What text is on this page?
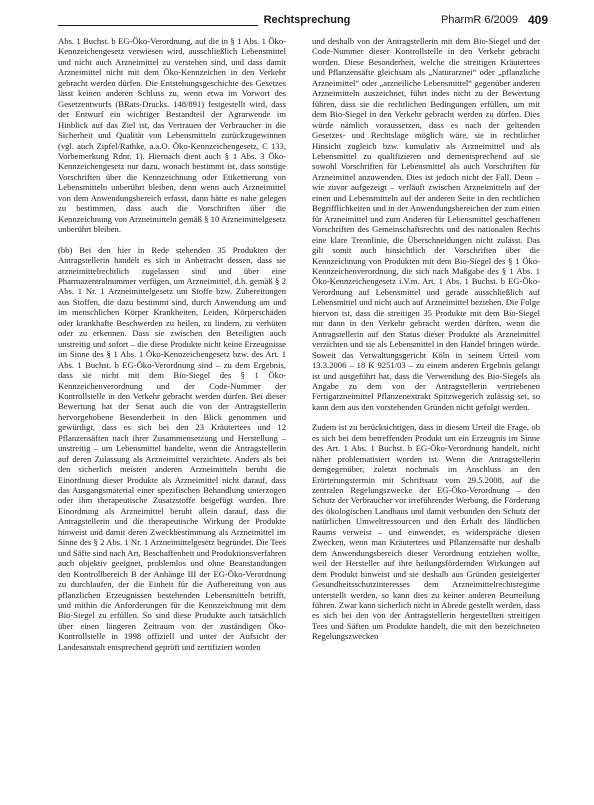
Rechtsprechung	PharmR 6/2009 409

Abs. 1 Buchst. b EG-Öko-Verordnung, auf die in § 1 Abs. 1 Öko-Kennzeichengesetz verwiesen wird, ausschließlich Lebensmittel und nicht auch Arzneimittel zu verstehen sind, und dass damit Arzneimittel nicht mit dem Öko-Kennzeichen in den Verkehr gebracht werden dürfen. Die Entstehungsgeschichte des Gesetzes lässt keinen anderen Schluss zu, wenn etwa im Vorwort des Gesetzentwurfs (BRats-Drucks. 148/891) festgestellt wird, dass der Entwurf ein wichtiger Bestandteil der Agrarwende im Hinblick auf das Ziel ist, das Vertrauen der Verbraucher in die Sicherheit und Qualität von Lebensmitteln zurückzugewinnen (vgl. auch Zipfel/Rathke, a.a.O. Öko-Kennzeichengesetz, C 133, Vorbemerkung Rdnr. 1). Hiernach dient auch § 1 Abs. 3 Öko-Kennzeichengesetz nur dazu, wonach bestimmt ist, dass sonstige Vorschriften über die Kennzeichnung oder Etikettierung von Lebensmitteln unberührt bleiben, denn wenn auch Arzneimittel von dem Anwendungsbereich erfasst, dann hätte es nahe gelegen zu bestimmen, dass auch die Vorschriften über die Kennzeichnung von Arzneimitteln gemäß § 10 Arzneimittelgesetz unberührt bleiben.

(bb) Bei den hier in Rede stehenden 35 Produkten der Antragstellerin handelt es sich in Anbetracht dessen, dass sie arzneimittelrechtlich zugelassen sind und über eine Pharmazentralnummer verfügen, um Arzneimittel, d.h. gemäß § 2 Abs. 1 Nr. 1 Arzneimittelgesetz um Stoffe bzw. Zubereitungen aus Stoffen, die dazu bestimmt sind, durch Anwendung am und im menschlichen Körper Krankheiten, Leiden, Körperschäden oder krankhafte Beschwerden zu heilen, zu lindern, zu verhüten oder zu erkennen. Dass sie zwischen den Beteiligten auch unstreitig und sofort – die diese Produkte nicht keine Erzeugnisse im Sinne des § 1 Abs. 1 Öko-Kennzeichengesetz bzw. des Art. 1 Abs. 1 Buchst. b EG-Öko-Verordnung sind – zu dem Ergebnis, dass sie nicht mit dem Bio-Siegel des § 1 Öko-Kennzeichenverordnung und der Code-Nummer der Kontrollstelle in den Verkehr gebracht werden dürfen. Bei dieser Bewertung hat der Senat auch die von der Antragstellerin hervorgehobene Besonderheit in den Blick genommen und gewürdigt, dass es sich bei den 23 Kräutertees und 12 Pflanzensäften nach ihrer Zusammensetzung und Herstellung – unstreitig – um Lebensmittel handelte, wenn die Antragstellerin auf deren Zulassung als Arzneimittel verzichtete. Anders als bei den sicherlich meisten anderen Arzneimitteln beruht die Einordnung dieser Produkte als Arzneimittel nicht darauf, dass das Ausgangsmaterial einer spezifischen Behandlung unterzogen oder ihm therapeutische Zusatzstoffe beigefügt wurden. Ihre Einordnung als Arzneimittel beruht allein darauf, dass die Antragstellerin und die therapeutische Wirkung der Produkte hinweist und damit deren Zweckbestimmung als Arzneimittel im Sinne des § 2 Abs. 1 Nr. 1 Arzneimittelgesetz begründet. Die Tees und Säfte sind nach Art, Beschaffenheit und Produktionsverfahren auch objektiv geeignet, problemlos und ohne Beanstandungen den Kontrollbereich B der Anhänge III der EG-Öko-Verordnung zu durchlaufen, der die Einheit für die Aufbereitung von aus pflanzlichen Erzeugnissen bestehenden Lebensmitteln betrifft, und mithin die Anforderungen für die Kennzeichnung mit dem Bio-Siegel zu erfüllen. So sind diese Produkte auch tatsächlich über einen längeren Zeitraum von der zuständigen Öko-Kontrollstelle in 1998 offiziell und unter der Aufsicht der Landesanstalt entsprechend geprüft und zertifiziert worden

und deshalb von der Antragstellerin mit dem Bio-Siegel und der Code-Nummer dieser Kontrollstelle in den Verkehr gebracht worden. Diese Besonderheit, welche die streitigen Kräutertees und Pflanzensäfte gleichsam als „Naturarznei“ oder „pflanzliche Arzneimittel“ oder „arzneiliche Lebensmittel“ gegenüber anderen Arzneimitteln auszeichnet, führt indes nicht zu der Bewertung führen, dass sie die rechtlichen Bedingungen erfüllen, um mit dem Bio-Siegel in den Verkehr gebracht werden zu dürfen. Dies würde nämlich voraussetzen, dass es nach der geltenden Gesetzes- und Rechtslage möglich wäre, sie in rechtlicher Hinsicht zugleich bzw. kumulativ als Arzneimittel und als Lebensmittel zu qualifizieren und dementsprechend auf sie sowohl Vorschriften für Lebensmittel als auch Vorschriften für Arzneimittel anzuwenden. Dies ist jedoch nicht der Fall. Denn – wie zuvor aufgezeigt – verläuft zwischen Arzneimitteln auf der einen und Lebensmitteln auf der anderen Seite in den rechtlichen Begrifflichkeiten und in der Anwendungsbereichen der zum einen für Arzneimittel und zum Anderen für Lebensmittel geschaffenen Vorschriften des Gemeinschaftsrechts und des nationalen Rechts eine klare Trennlinie, die Überschneidungen nicht zulässt. Das gilt somit auch hinsichtlich der Vorschriften über die Kennzeichnung von Produkten mit dem Bio-Siegel des § 1 Öko-Kennzeichenverordnung, die sich nach Maßgabe des § 1 Abs. 1 Öko-Kennzeichengesetz i.V.m. Art. 1 Abs. 1 Buchst. b EG-Öko-Verordnung auf Lebensmittel und gerade ausschließlich auf Lebensmittel und nicht auch auf Arzneimittel beziehen. Die Folge hiervon ist, dass die streitigen 35 Produkte mit dem Bio-Siegel nur dann in den Verkehr gebracht werden dürften, wenn die Antragstellerin auf den Status dieser Produkte als Arzneimittel verzichten und sie als Lebensmittel in den Handel bringen würde. Soweit das Verwaltungsgericht Köln in seinem Urteil vom 13.3.2006 – 18 K 9251/03 – zu einem anderen Ergebnis gelangt ist und ausgeführt hat, dass die Verwendung des Bio-Siegels als Angabe zu dem von der Antragstellerin vertriebenen Fertigarzneimittel Pflanzenextrakt Spitzwegerich zulässig sei, so kann dem aus den vorstehenden Gründen nicht gefolgt werden.

Zudem ist zu berücksichtigen, dass in diesem Urteil die Frage, ob es sich bei dem betreffenden Produkt um ein Erzeugnis im Sinne des Art. 1 Abs. 1 Buchst. b EG-Öko-Verordnung handelt, nicht näher problematisiert worden ist. Wenn die Antragstellerin demgegenüber, zuletzt nochmals im Anschluss an den Erörterungstermin mit Schriftsatz vom 29.5.2008, auf die zentralen Regelungszwecke der EG-Öko-Verordnung – den Schutz der Verbraucher vor irreführender Werbung, die Förderung des ökologischen Landbaus und damit verbunden den Schutz der natürlichen Umweltressourcen und den Erhalt des ländlichen Raums verweist – und einwendet, es widerspräche diesen Zwecken, wenn man Kräutertees und Pflanzensäfte nur deshalb dem Anwendungsbereich dieser Verordnung entziehen wollte, weil der Hersteller auf ihre heilungsfördernden Wirkungen auf dem Produkt hinweist und sie deshalb aus Gründen gesteigerter Gesundheitsschutzinteresses dem Arzneimittelrechtsregime unterstellt werden, so kann dies zu keiner anderen Beurteilung führen. Zwar kann sicherlich nicht in Abrede gestellt werden, dass es sich bei den von der Antragstellerin hergestellten streitigen Tees und Säften um Produkte handelt, die mit den bezeichneten Regelungszwecken
